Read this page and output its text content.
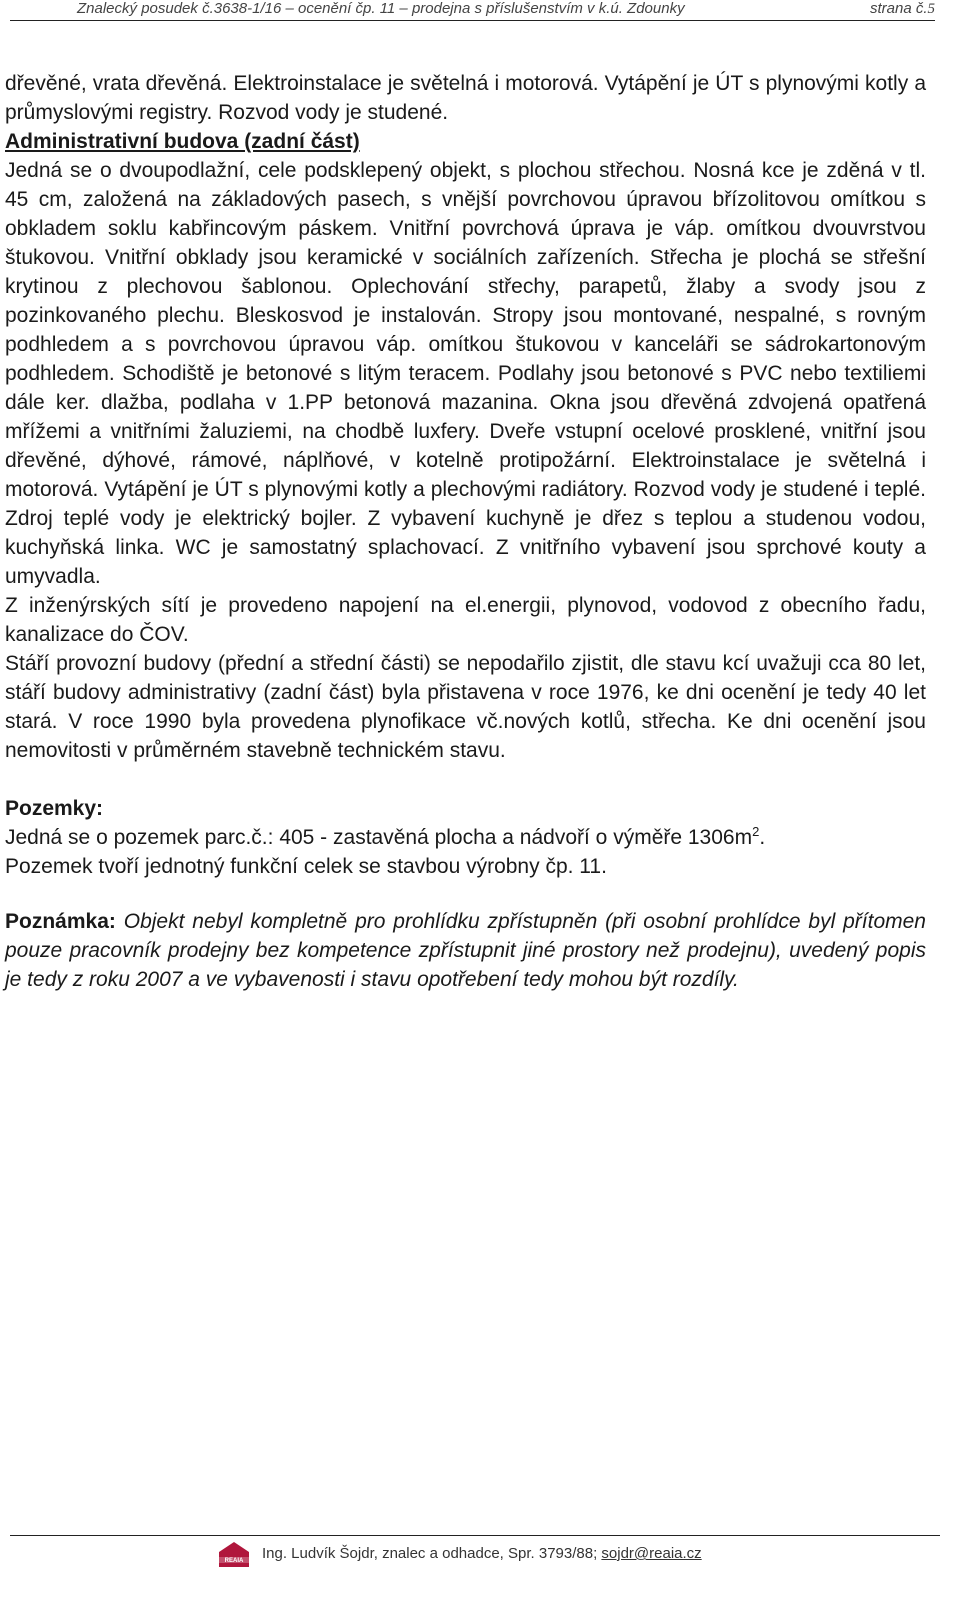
Znalecký posudek č.3638-1/16 – ocenění čp. 11 – prodejna s příslušenstvím v k.ú. Zdounky	strana č.5

dřevěné, vrata dřevěná. Elektroinstalace je světelná i motorová. Vytápění je ÚT s plynovými kotly a průmyslovými registry. Rozvod vody je studené.

Administrativní budova (zadní část)

Jedná se o dvoupodlažní, cele podsklepený objekt, s plochou střechou. Nosná kce je zděná v tl. 45 cm, založená na základových pasech, s vnější povrchovou úpravou břízolitovou omítkou s obkladem soklu kabřincovým páskem. Vnitřní povrchová úprava je váp. omítkou dvouvrstvou štukovou. Vnitřní obklady jsou keramické v sociálních zařízeních. Střecha je plochá se střešní krytinou z plechovou šablonou. Oplechování střechy, parapetů, žlaby a svody jsou z pozinkovaného plechu. Bleskosvod je instalován. Stropy jsou montované, nespalné, s rovným podhledem a s povrchovou úpravou váp. omítkou štukovou v kanceláři se sádrokartonovým podhledem. Schodiště je betonové s litým teracem. Podlahy jsou betonové s PVC nebo textiliemi dále ker. dlažba, podlaha v 1.PP betonová mazanina. Okna jsou dřevěná zdvojená opatřená mřížemi a vnitřními žaluziemi, na chodbě luxfery. Dveře vstupní ocelové prosklené, vnitřní jsou dřevěné, dýhové, rámové, náplňové, v kotelně protipožární. Elektroinstalace je světelná i motorová. Vytápění je ÚT s plynovými kotly a plechovými radiátory. Rozvod vody je studené i teplé. Zdroj teplé vody je elektrický bojler. Z vybavení kuchyně je dřez s teplou a studenou vodou, kuchyňská linka. WC je samostatný splachovací. Z vnitřního vybavení jsou sprchové kouty a umyvadla.

Z inženýrských sítí je provedeno napojení na el.energii, plynovod, vodovod z obecního řadu, kanalizace do ČOV.

Stáří provozní budovy (přední a střední části) se nepodařilo zjistit, dle stavu kcí uvažuji cca 80 let, stáří budovy administrativy (zadní část) byla přistavena v roce 1976, ke dni ocenění je tedy 40 let stará. V roce 1990 byla provedena plynofikace vč.nových kotlů, střecha. Ke dni ocenění jsou nemovitosti v průměrném stavebně technickém stavu.

Pozemky:

Jedná se o pozemek parc.č.: 405 - zastavěná plocha a nádvoří o výměře $1306m^2$.

Pozemek tvoří jednotný funkční celek se stavbou výrobny čp. 11.

Poznámka: Objekt nebyl kompletně pro prohlídku zpřístupněn (při osobní prohlídce byl přítomen pouze pracovník prodejny bez kompetence zpřístupnit jiné prostory než prodejnu), uvedený popis je tedy z roku 2007 a ve vybavenosti i stavu opotřebení tedy mohou být rozdíly.

REAIA Ing. Ludvík Šojdr, znalec a odhadce, Spr. 3793/88; sojdr@reaia.cz
